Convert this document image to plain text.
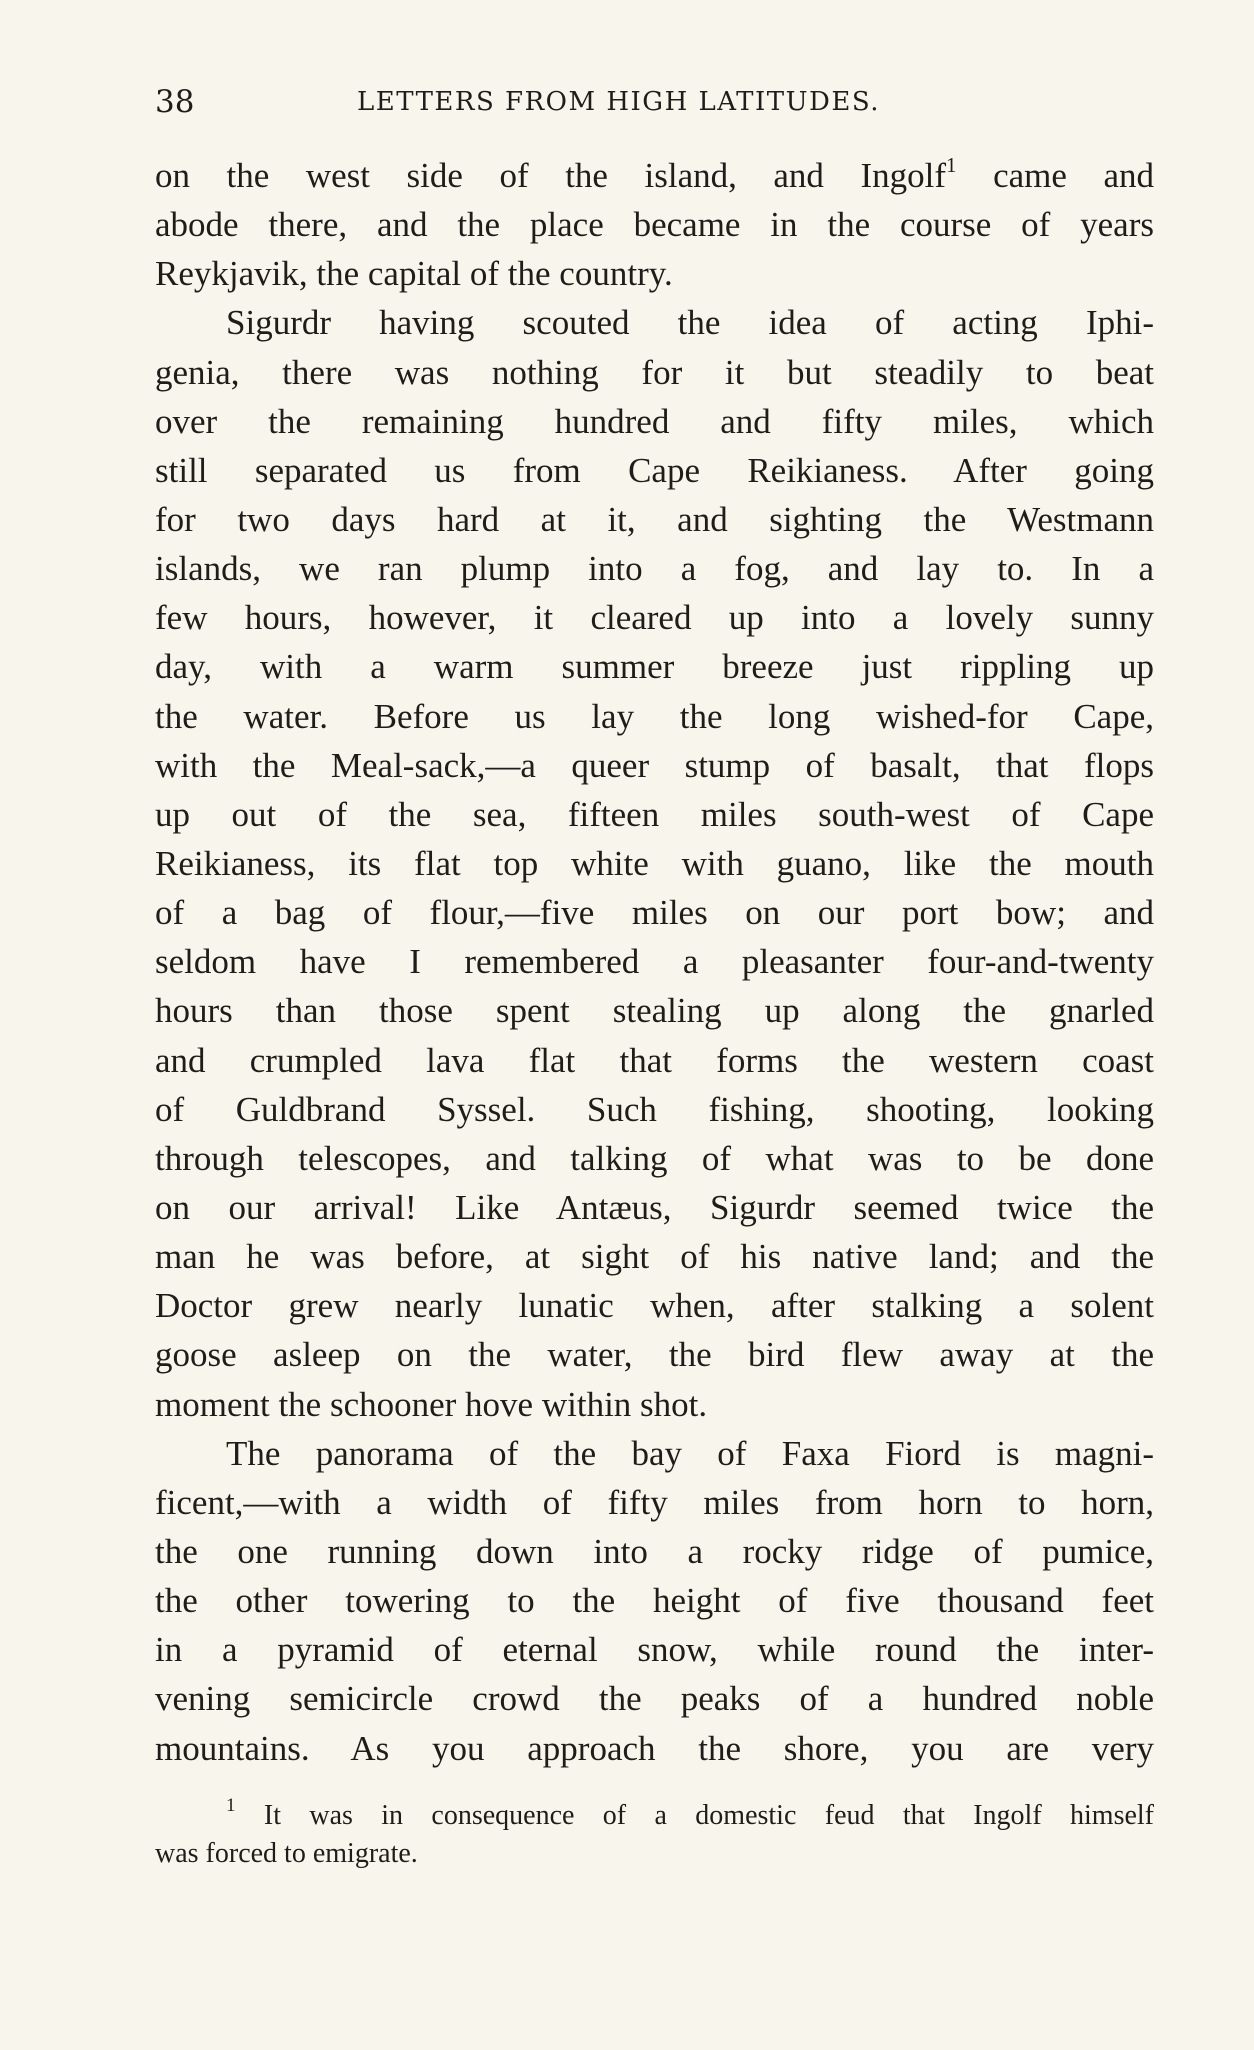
38	LETTERS FROM HIGH LATITUDES.
on the west side of the island, and Ingolf$^1$ came and
abode there, and the place became in the course of years
Reykjavik, the capital of the country.
Sigurdr having scouted the idea of acting Iphi-
genia, there was nothing for it but steadily to beat
over the remaining hundred and fifty miles, which
still separated us from Cape Reikianess. After going
for two days hard at it, and sighting the Westmann
islands, we ran plump into a fog, and lay to. In a
few hours, however, it cleared up into a lovely sunny
day, with a warm summer breeze just rippling up
the water. Before us lay the long wished-for Cape,
with the Meal-sack,—a queer stump of basalt, that flops
up out of the sea, fifteen miles south-west of Cape
Reikianess, its flat top white with guano, like the mouth
of a bag of flour,—five miles on our port bow; and
seldom have I remembered a pleasanter four-and-twenty
hours than those spent stealing up along the gnarled
and crumpled lava flat that forms the western coast
of Guldbrand Syssel. Such fishing, shooting, looking
through telescopes, and talking of what was to be done
on our arrival! Like Antæus, Sigurdr seemed twice the
man he was before, at sight of his native land; and the
Doctor grew nearly lunatic when, after stalking a solent
goose asleep on the water, the bird flew away at the
moment the schooner hove within shot.
The panorama of the bay of Faxa Fiord is magni-
ficent,—with a width of fifty miles from horn to horn,
the one running down into a rocky ridge of pumice,
the other towering to the height of five thousand feet
in a pyramid of eternal snow, while round the inter-
vening semicircle crowd the peaks of a hundred noble
mountains. As you approach the shore, you are very
$^1$ It was in consequence of a domestic feud that Ingolf himself
was forced to emigrate.
